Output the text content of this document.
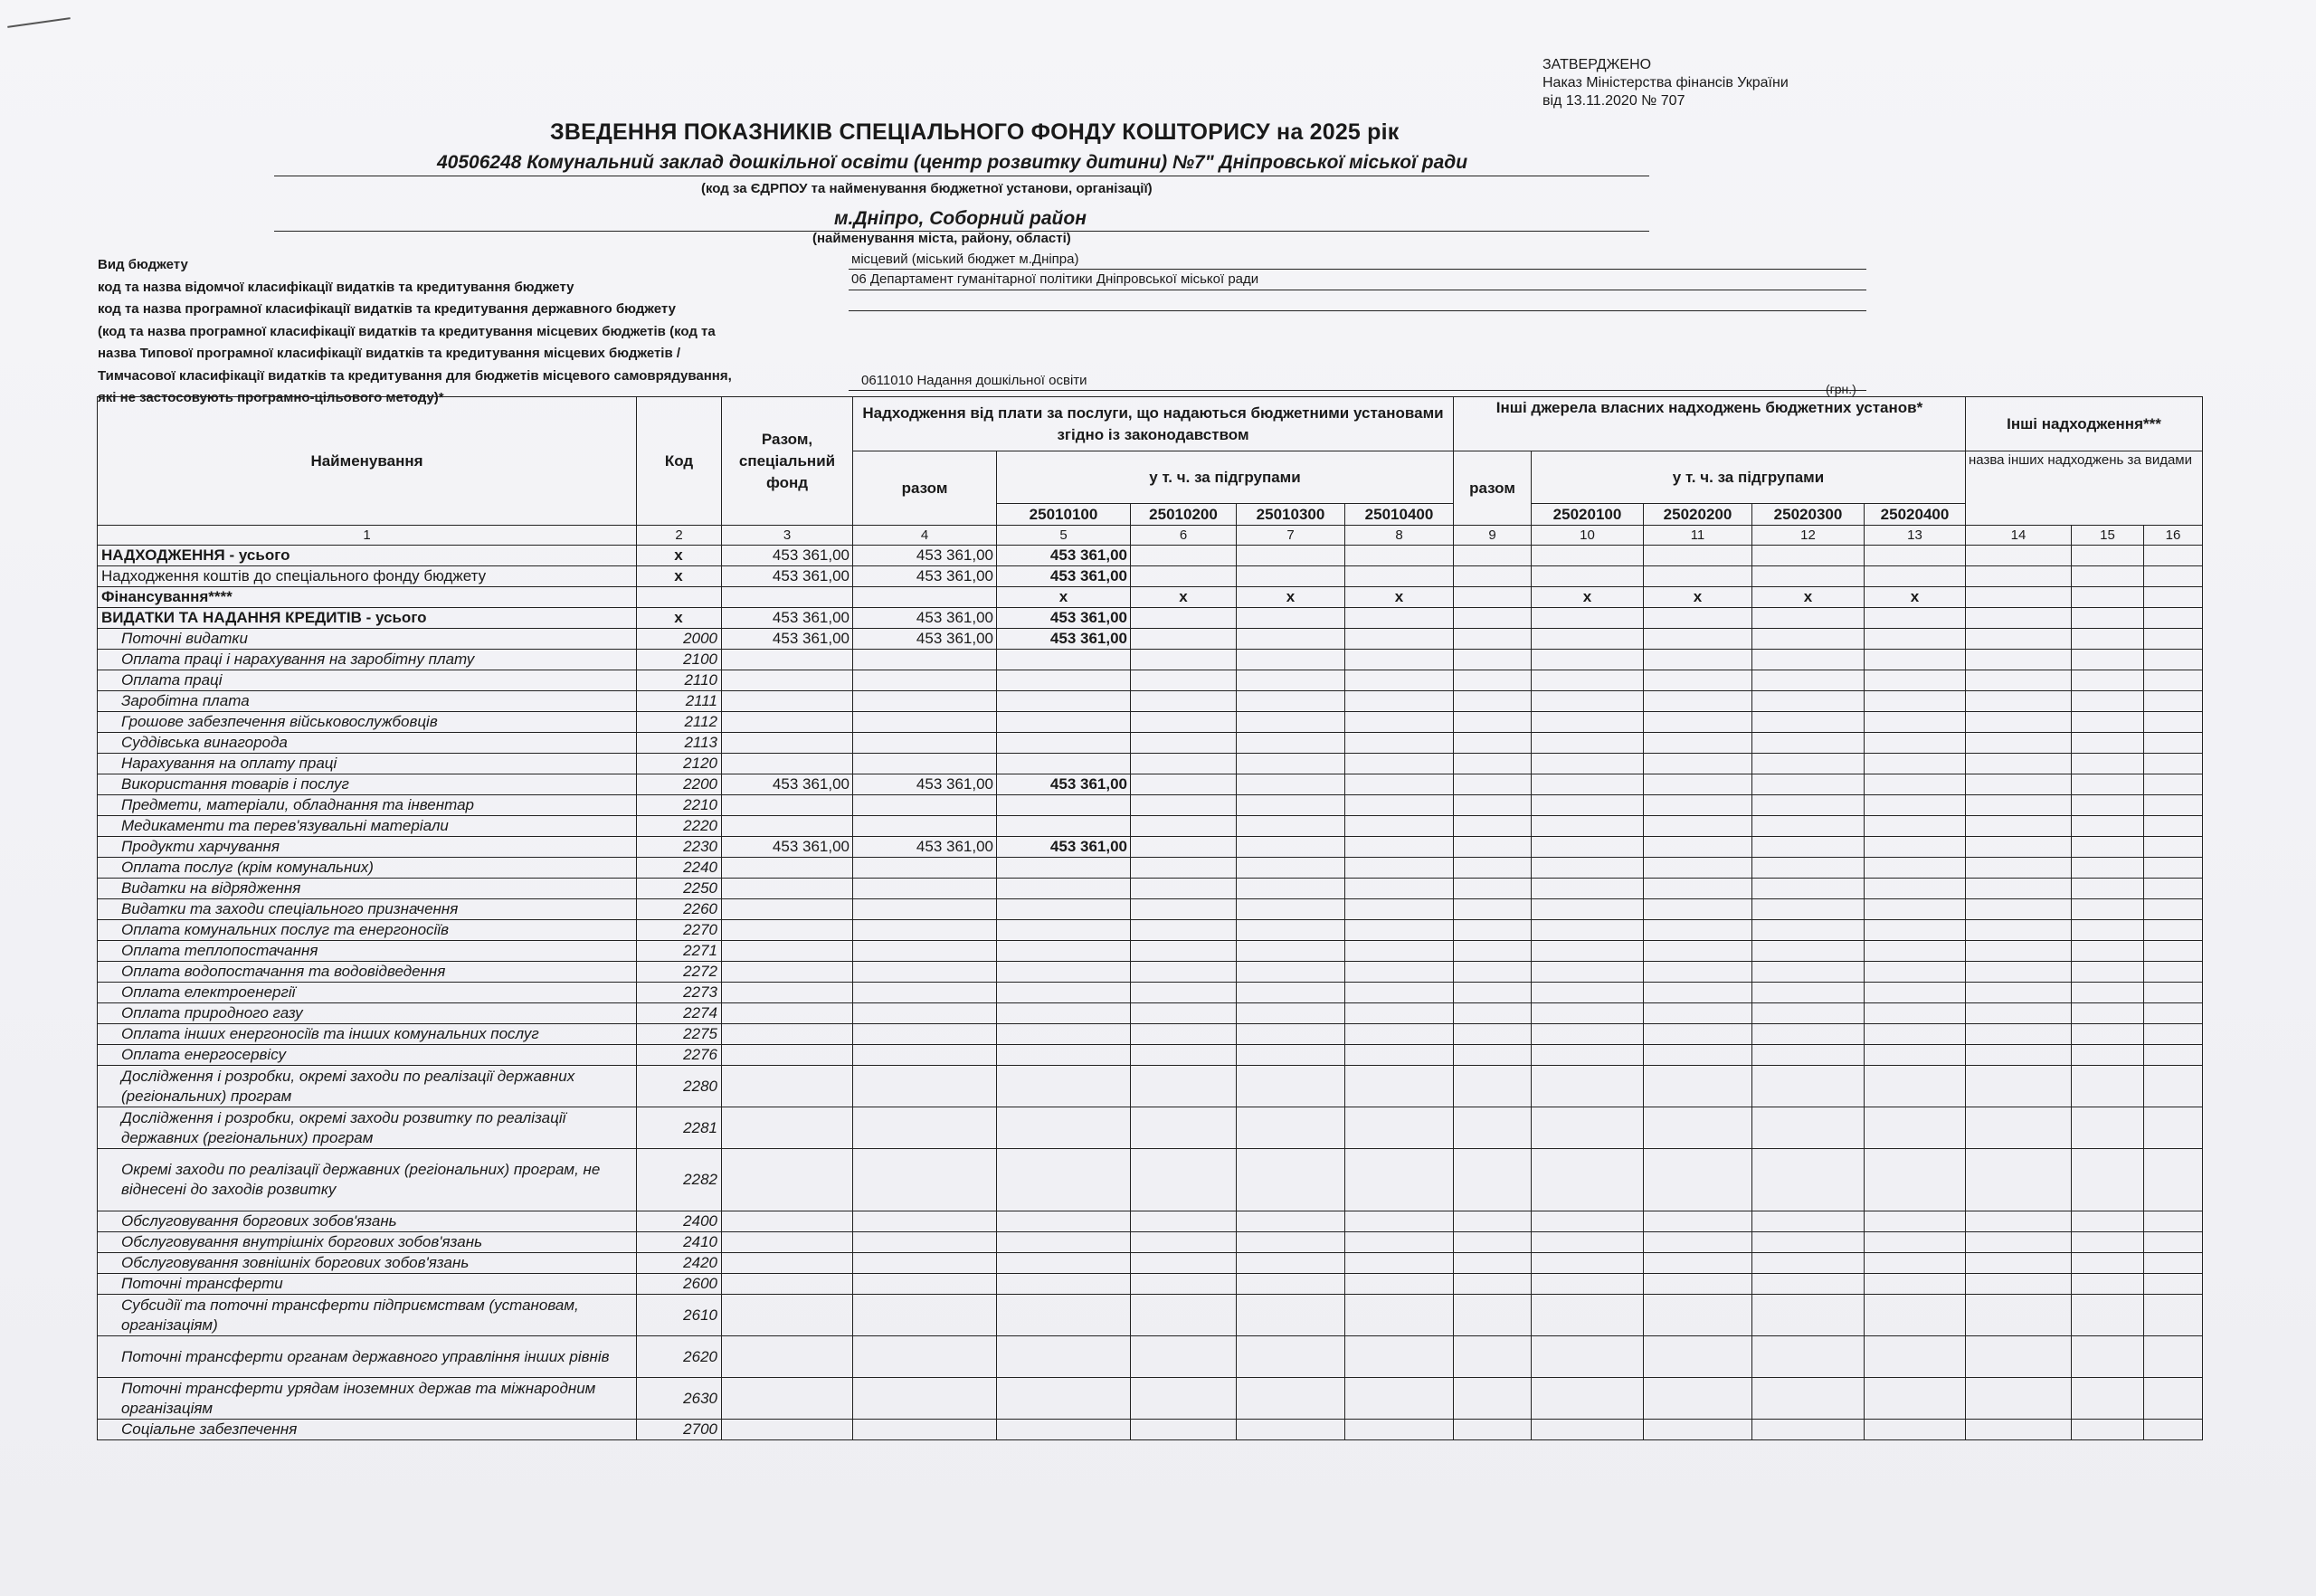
ЗАТВЕРДЖЕНО
Наказ Міністерства фінансів України
від 13.11.2020 № 707
ЗВЕДЕННЯ ПОКАЗНИКІВ СПЕЦІАЛЬНОГО ФОНДУ КОШТОРИСУ на 2025 рік
40506248 Комунальний заклад дошкільної освіти (центр розвитку дитини) №7" Дніпровської міської ради
(код за ЄДРПОУ та найменування бюджетної установи, організації)
м.Дніпро, Соборний район
(найменування міста, району, області)
Вид бюджету
код та назва відомчої класифікації видатків та кредитування бюджету
код та назва програмної класифікації видатків та кредитування державного бюджету
(код та назва програмної класифікації видатків та кредитування місцевих бюджетів (код та
назва Типової програмної класифікації видатків та кредитування місцевих бюджетів /
Тимчасової класифікації видатків та кредитування для бюджетів місцевого самоврядування,
які не застосовують програмно-цільового методу)*
місцевий (міський бюджет м.Дніпра)
06 Департамент гуманітарної політики Дніпровської міської ради
0611010 Надання дошкільної освіти
(грн.)
Найменування	Код	Разом, спеціальний фонд	Надходження від плати за послуги, що надаються бюджетними установами згідно із законодавством					Інші джерела власних надходжень бюджетних установ*					Інші надходження***		
			разом	у т. ч. за підгрупами				разом	у т. ч. за підгрупами				назва інших надходжень за видами		
				25010100	25010200	25010300	25010400		25020100	25020200	25020300	25020400			
1	2	3	4	5	6	7	8	9	10	11	12	13	14	15	16
НАДХОДЖЕННЯ - усього	х	453 361,00	453 361,00	453 361,00											
Надходження коштів до спеціального фонду бюджету	х	453 361,00	453 361,00	453 361,00											
Фінансування****				х	х	х	х		х	х	х	х			
ВИДАТКИ ТА НАДАННЯ КРЕДИТІВ - усього	х	453 361,00	453 361,00	453 361,00											
Поточні видатки	2000	453 361,00	453 361,00	453 361,00											
Оплата праці і нарахування на заробітну плату	2100														
Оплата праці	2110														
Заробітна плата	2111														
Грошове забезпечення військовослужбовців	2112														
Суддівська винагорода	2113														
Нарахування на оплату праці	2120														
Використання товарів і послуг	2200	453 361,00	453 361,00	453 361,00											
Предмети, матеріали, обладнання та інвентар	2210														
Медикаменти та перев'язувальні матеріали	2220														
Продукти харчування	2230	453 361,00	453 361,00	453 361,00											
Оплата послуг (крім комунальних)	2240														
Видатки на відрядження	2250														
Видатки та заходи спеціального призначення	2260														
Оплата комунальних послуг та енергоносіїв	2270														
Оплата теплопостачання	2271														
Оплата водопостачання та водовідведення	2272														
Оплата електроенергії	2273														
Оплата природного газу	2274														
Оплата інших енергоносіїв та інших комунальних послуг	2275														
Оплата енергосервісу	2276														
Дослідження і розробки, окремі заходи по реалізації державних (регіональних) програм	2280														
Дослідження і розробки, окремі заходи розвитку по реалізації державних (регіональних) програм	2281														
Окремі заходи по реалізації державних (регіональних) програм, не віднесені до заходів розвитку	2282														
Обслуговування боргових зобов'язань	2400														
Обслуговування внутрішніх боргових зобов'язань	2410														
Обслуговування зовнішніх боргових зобов'язань	2420														
Поточні трансферти	2600														
Субсидії та поточні трансферти підприємствам (установам, організаціям)	2610														
Поточні трансферти органам державного управління інших рівнів	2620														
Поточні трансферти урядам іноземних держав та міжнародним організаціям	2630														
Соціальне забезпечення	2700														
